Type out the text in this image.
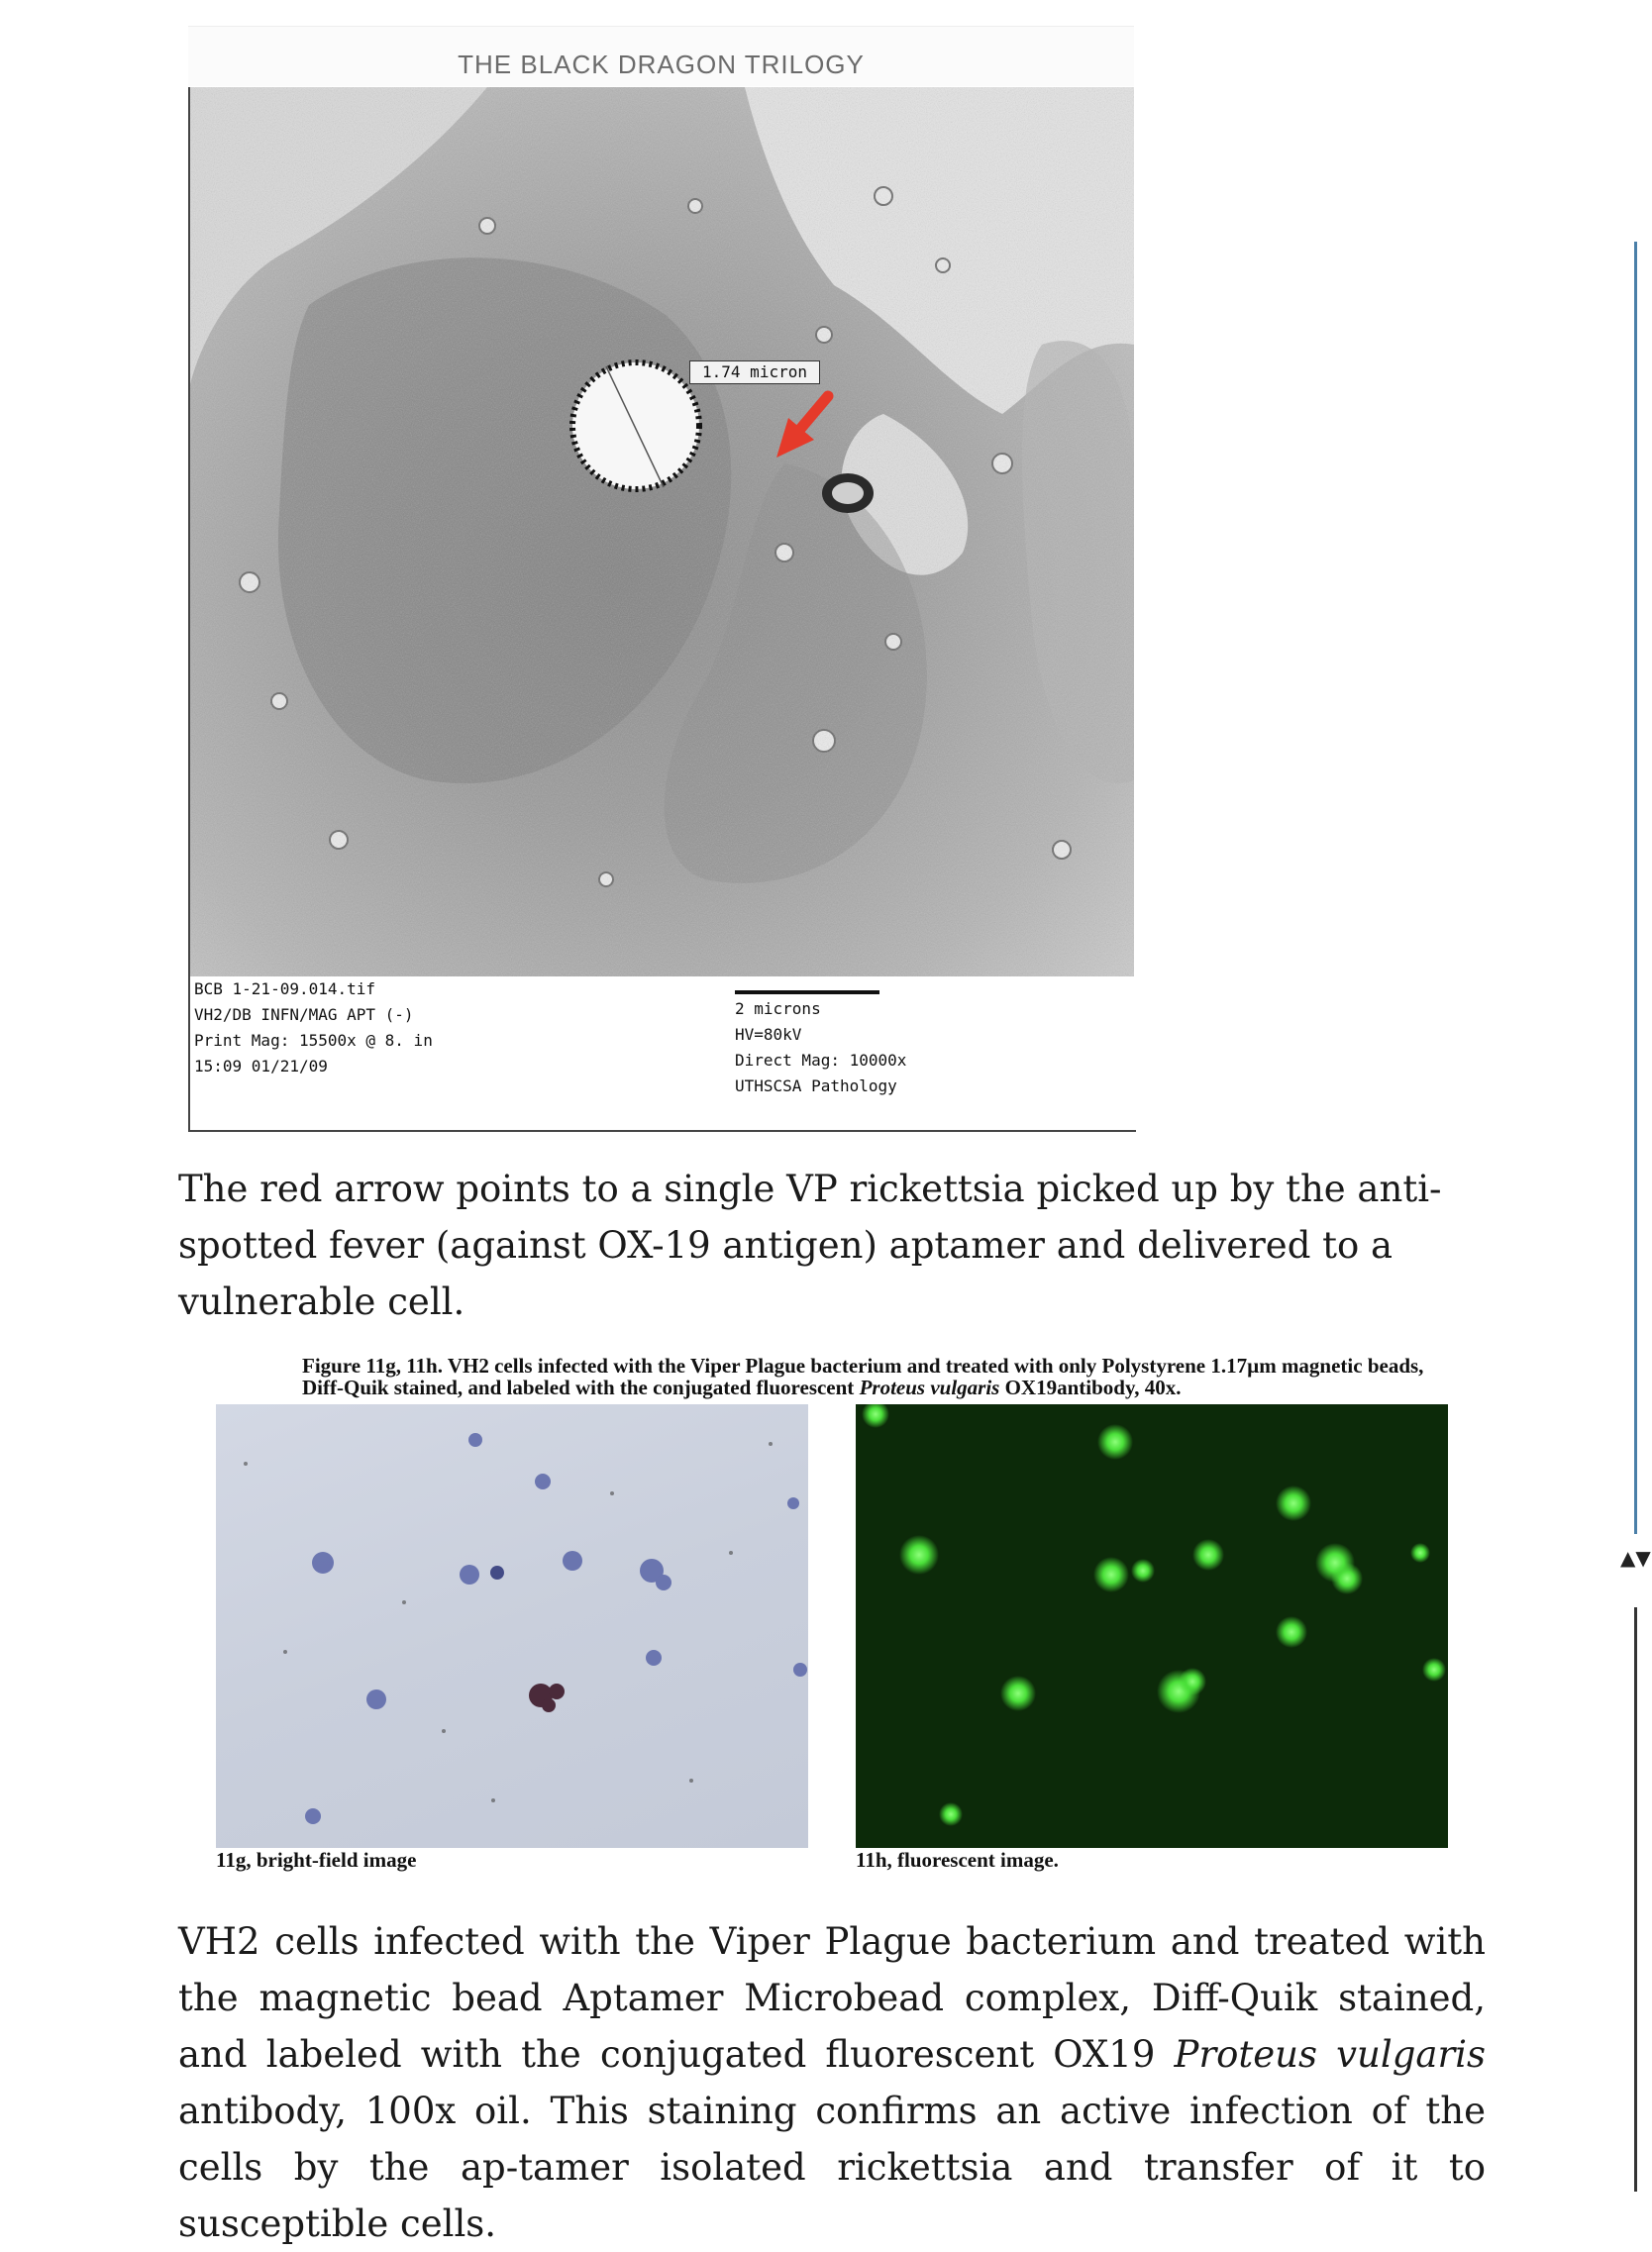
THE BLACK DRAGON TRILOGY
1.74 micron
BCB 1-21-09.014.tif
VH2/DB INFN/MAG APT (-)
Print Mag: 15500x @ 8. in
15:09 01/21/09
2 microns
HV=80kV
Direct Mag: 10000x
UTHSCSA Pathology

The red arrow points to a single VP rickettsia picked up by the anti-spotted fever (against OX-19 antigen) aptamer and delivered to a vulnerable cell.

Figure 11g, 11h. VH2 cells infected with the Viper Plague bacterium and treated with only Polystyrene 1.17µm magnetic beads, Diff-Quik stained, and labeled with the conjugated fluorescent Proteus vulgaris OX19antibody, 40x.
11g, bright-field image	11h, fluorescent image.

VH2 cells infected with the Viper Plague bacterium and treated with the magnetic bead Aptamer Microbead complex, Diff-Quik stained, and labeled with the conjugated fluorescent OX19 Proteus vulgaris antibody, 100x oil. This staining confirms an active infection of the cells by the ap-tamer isolated rickettsia and transfer of it to susceptible cells.

▲▼
